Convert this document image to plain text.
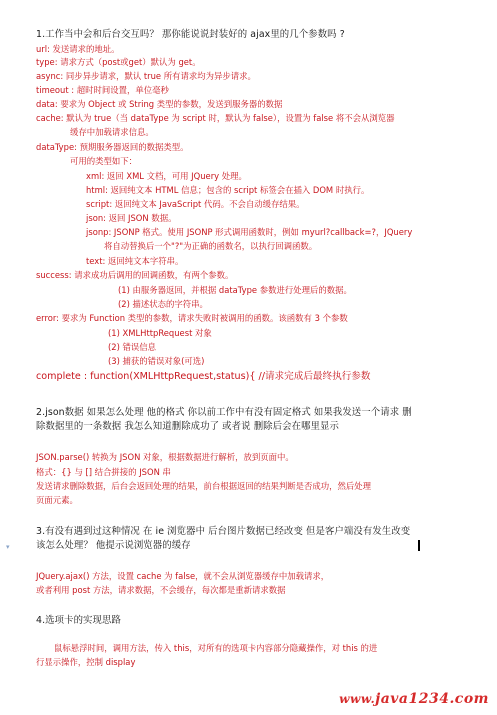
1.工作当中会和后台交互吗？ 那你能说说封装好的 ajax里的几个参数吗 ?
url: 发送请求的地址。
type: 请求方式（post或get）默认为 get。
async: 同步异步请求，默认 true 所有请求均为异步请求。
timeout : 超时时间设置，单位毫秒
data: 要求为 Object 或 String 类型的参数，发送到服务器的数据
cache: 默认为 true（当 dataType 为 script 时，默认为 false），设置为 false 将不会从浏览器
缓存中加载请求信息。
dataType: 预期服务器返回的数据类型。
可用的类型如下：
xml: 返回 XML 文档，可用 JQuery 处理。
html: 返回纯文本 HTML 信息；包含的 script 标签会在插入 DOM 时执行。
script: 返回纯文本 JavaScript 代码。不会自动缓存结果。
json: 返回 JSON 数据。
jsonp: JSONP 格式。使用 JSONP 形式调用函数时，例如 myurl?callback=?，JQuery
将自动替换后一个"?"为正确的函数名，以执行回调函数。
text: 返回纯文本字符串。
success: 请求成功后调用的回调函数，有两个参数。
(1) 由服务器返回，并根据 dataType 参数进行处理后的数据。
(2) 描述状态的字符串。
error: 要求为 Function 类型的参数，请求失败时被调用的函数。该函数有 3 个参数
(1) XMLHttpRequest 对象
(2) 错误信息
(3) 捕获的错误对象(可选)
complete : function(XMLHttpRequest,status){ //请求完成后最终执行参数
2.json数据 如果怎么处理 他的格式 你以前工作中有没有固定格式 如果我发送一个请求 删
除数据里的一条数据 我怎么知道删除成功了 或者说 删除后会在哪里显示
JSON.parse() 转换为 JSON 对象，根据数据进行解析，放到页面中。
格式：{} 与 [] 结合拼接的 JSON 串
发送请求删除数据，后台会返回处理的结果，前台根据返回的结果判断是否成功，然后处理
页面元素。
3.有没有遇到过这种情况 在 ie 浏览器中 后台图片数据已经改变 但是客户端没有发生改变
该怎么处理？ 他提示说浏览器的缓存
▾
JQuery.ajax() 方法，设置 cache 为 false，就不会从浏览器缓存中加载请求，
或者利用 post 方法，请求数据，不会缓存，每次都是重新请求数据
4.选项卡的实现思路
鼠标悬浮时间，调用方法，传入 this，对所有的选项卡内容部分隐藏操作，对 this 的进
行显示操作，控制 display
www.java1234.com
